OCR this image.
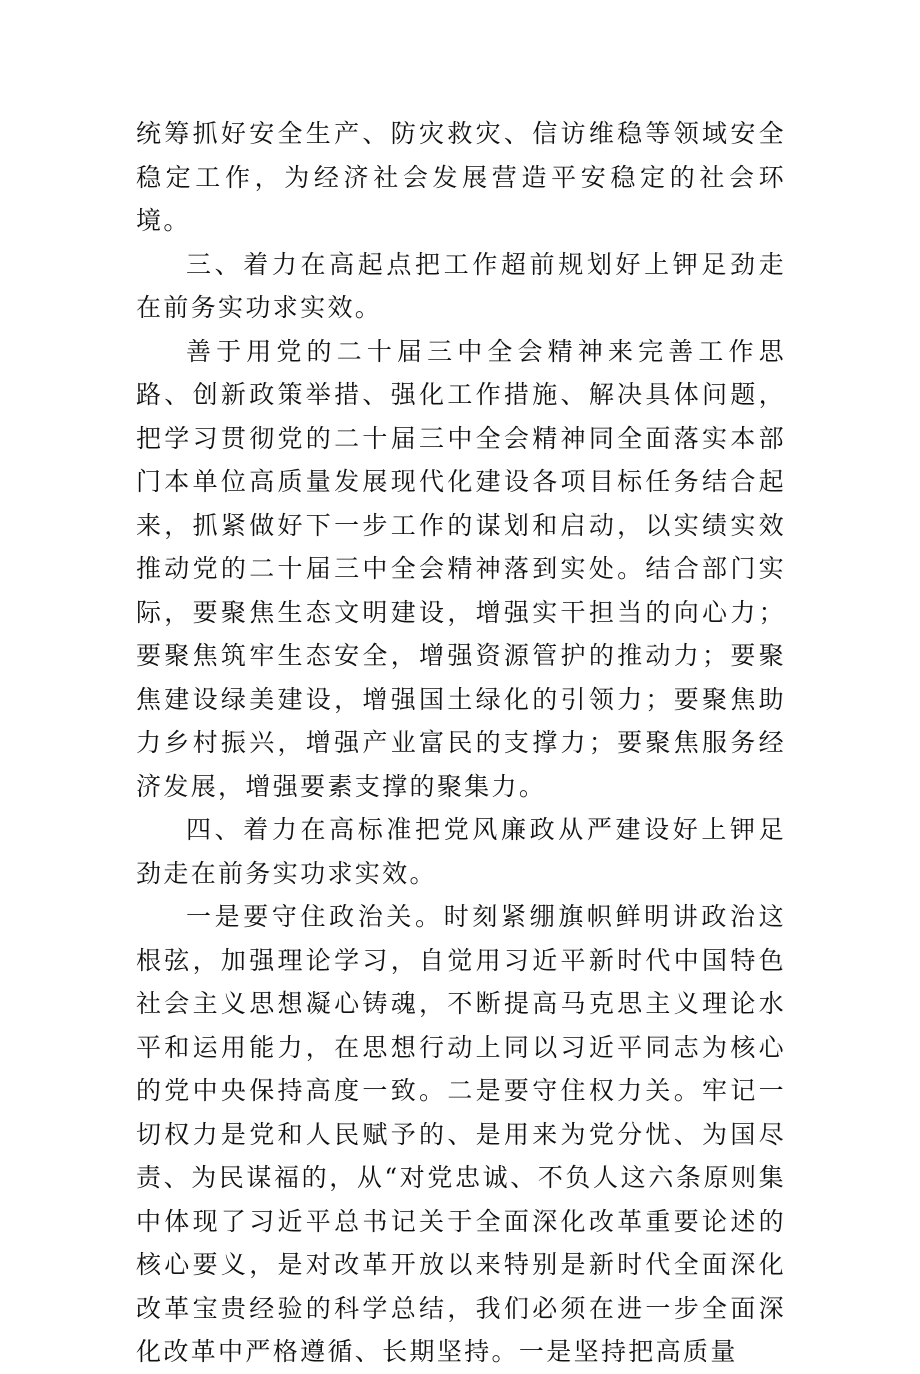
统筹抓好安全生产、防灾救灾、信访维稳等领域安全稳定工作，为经济社会发展营造平安稳定的社会环境。

三、着力在高起点把工作超前规划好上钾足劲走在前务实功求实效。

善于用党的二十届三中全会精神来完善工作思路、创新政策举措、强化工作措施、解决具体问题，把学习贯彻党的二十届三中全会精神同全面落实本部门本单位高质量发展现代化建设各项目标任务结合起来，抓紧做好下一步工作的谋划和启动，以实绩实效推动党的二十届三中全会精神落到实处。结合部门实际，要聚焦生态文明建设，增强实干担当的向心力；要聚焦筑牢生态安全，增强资源管护的推动力；要聚焦建设绿美建设，增强国土绿化的引领力；要聚焦助力乡村振兴，增强产业富民的支撑力；要聚焦服务经济发展，增强要素支撑的聚集力。

四、着力在高标准把党风廉政从严建设好上钾足劲走在前务实功求实效。

一是要守住政治关。时刻紧绷旗帜鲜明讲政治这根弦，加强理论学习，自觉用习近平新时代中国特色社会主义思想凝心铸魂，不断提高马克思主义理论水平和运用能力，在思想行动上同以习近平同志为核心的党中央保持高度一致。二是要守住权力关。牢记一切权力是党和人民赋予的、是用来为党分忧、为国尽责、为民谋福的，从“对党忠诚、不负人这六条原则集中体现了习近平总书记关于全面深化改革重要论述的核心要义，是对改革开放以来特别是新时代全面深化改革宝贵经验的科学总结，我们必须在进一步全面深化改革中严格遵循、长期坚持。一是坚持把高质量
